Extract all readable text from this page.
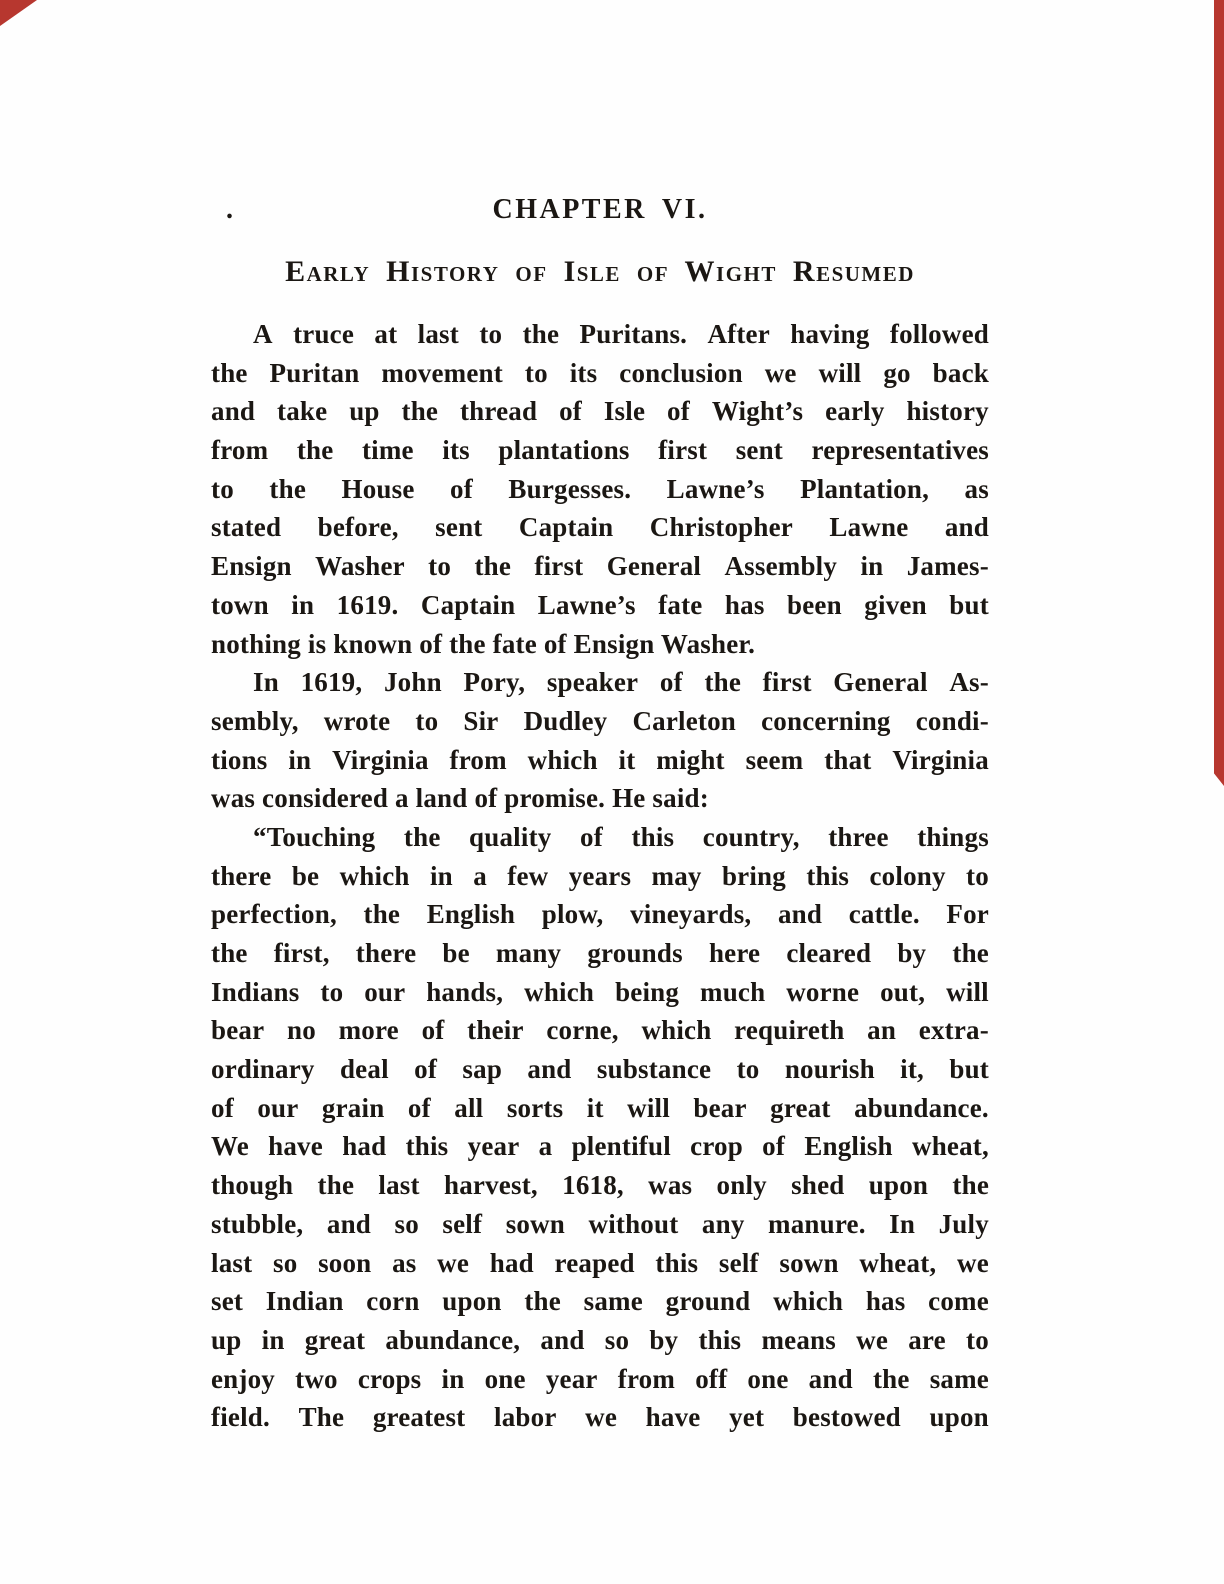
.	CHAPTER VI.
Early History of Isle of Wight Resumed
A truce at last to the Puritans. After having followed
the Puritan movement to its conclusion we will go back
and take up the thread of Isle of Wight’s early history
from the time its plantations first sent representatives
to the House of Burgesses. Lawne’s Plantation, as
stated before, sent Captain Christopher Lawne and
Ensign Washer to the first General Assembly in James-
town in 1619. Captain Lawne’s fate has been given but
nothing is known of the fate of Ensign Washer.
In 1619, John Pory, speaker of the first General As-
sembly, wrote to Sir Dudley Carleton concerning condi-
tions in Virginia from which it might seem that Virginia
was considered a land of promise. He said:
“Touching the quality of this country, three things
there be which in a few years may bring this colony to
perfection, the English plow, vineyards, and cattle. For
the first, there be many grounds here cleared by the
Indians to our hands, which being much worne out, will
bear no more of their corne, which requireth an extra-
ordinary deal of sap and substance to nourish it, but
of our grain of all sorts it will bear great abundance.
We have had this year a plentiful crop of English wheat,
though the last harvest, 1618, was only shed upon the
stubble, and so self sown without any manure. In July
last so soon as we had reaped this self sown wheat, we
set Indian corn upon the same ground which has come
up in great abundance, and so by this means we are to
enjoy two crops in one year from off one and the same
field. The greatest labor we have yet bestowed upon
